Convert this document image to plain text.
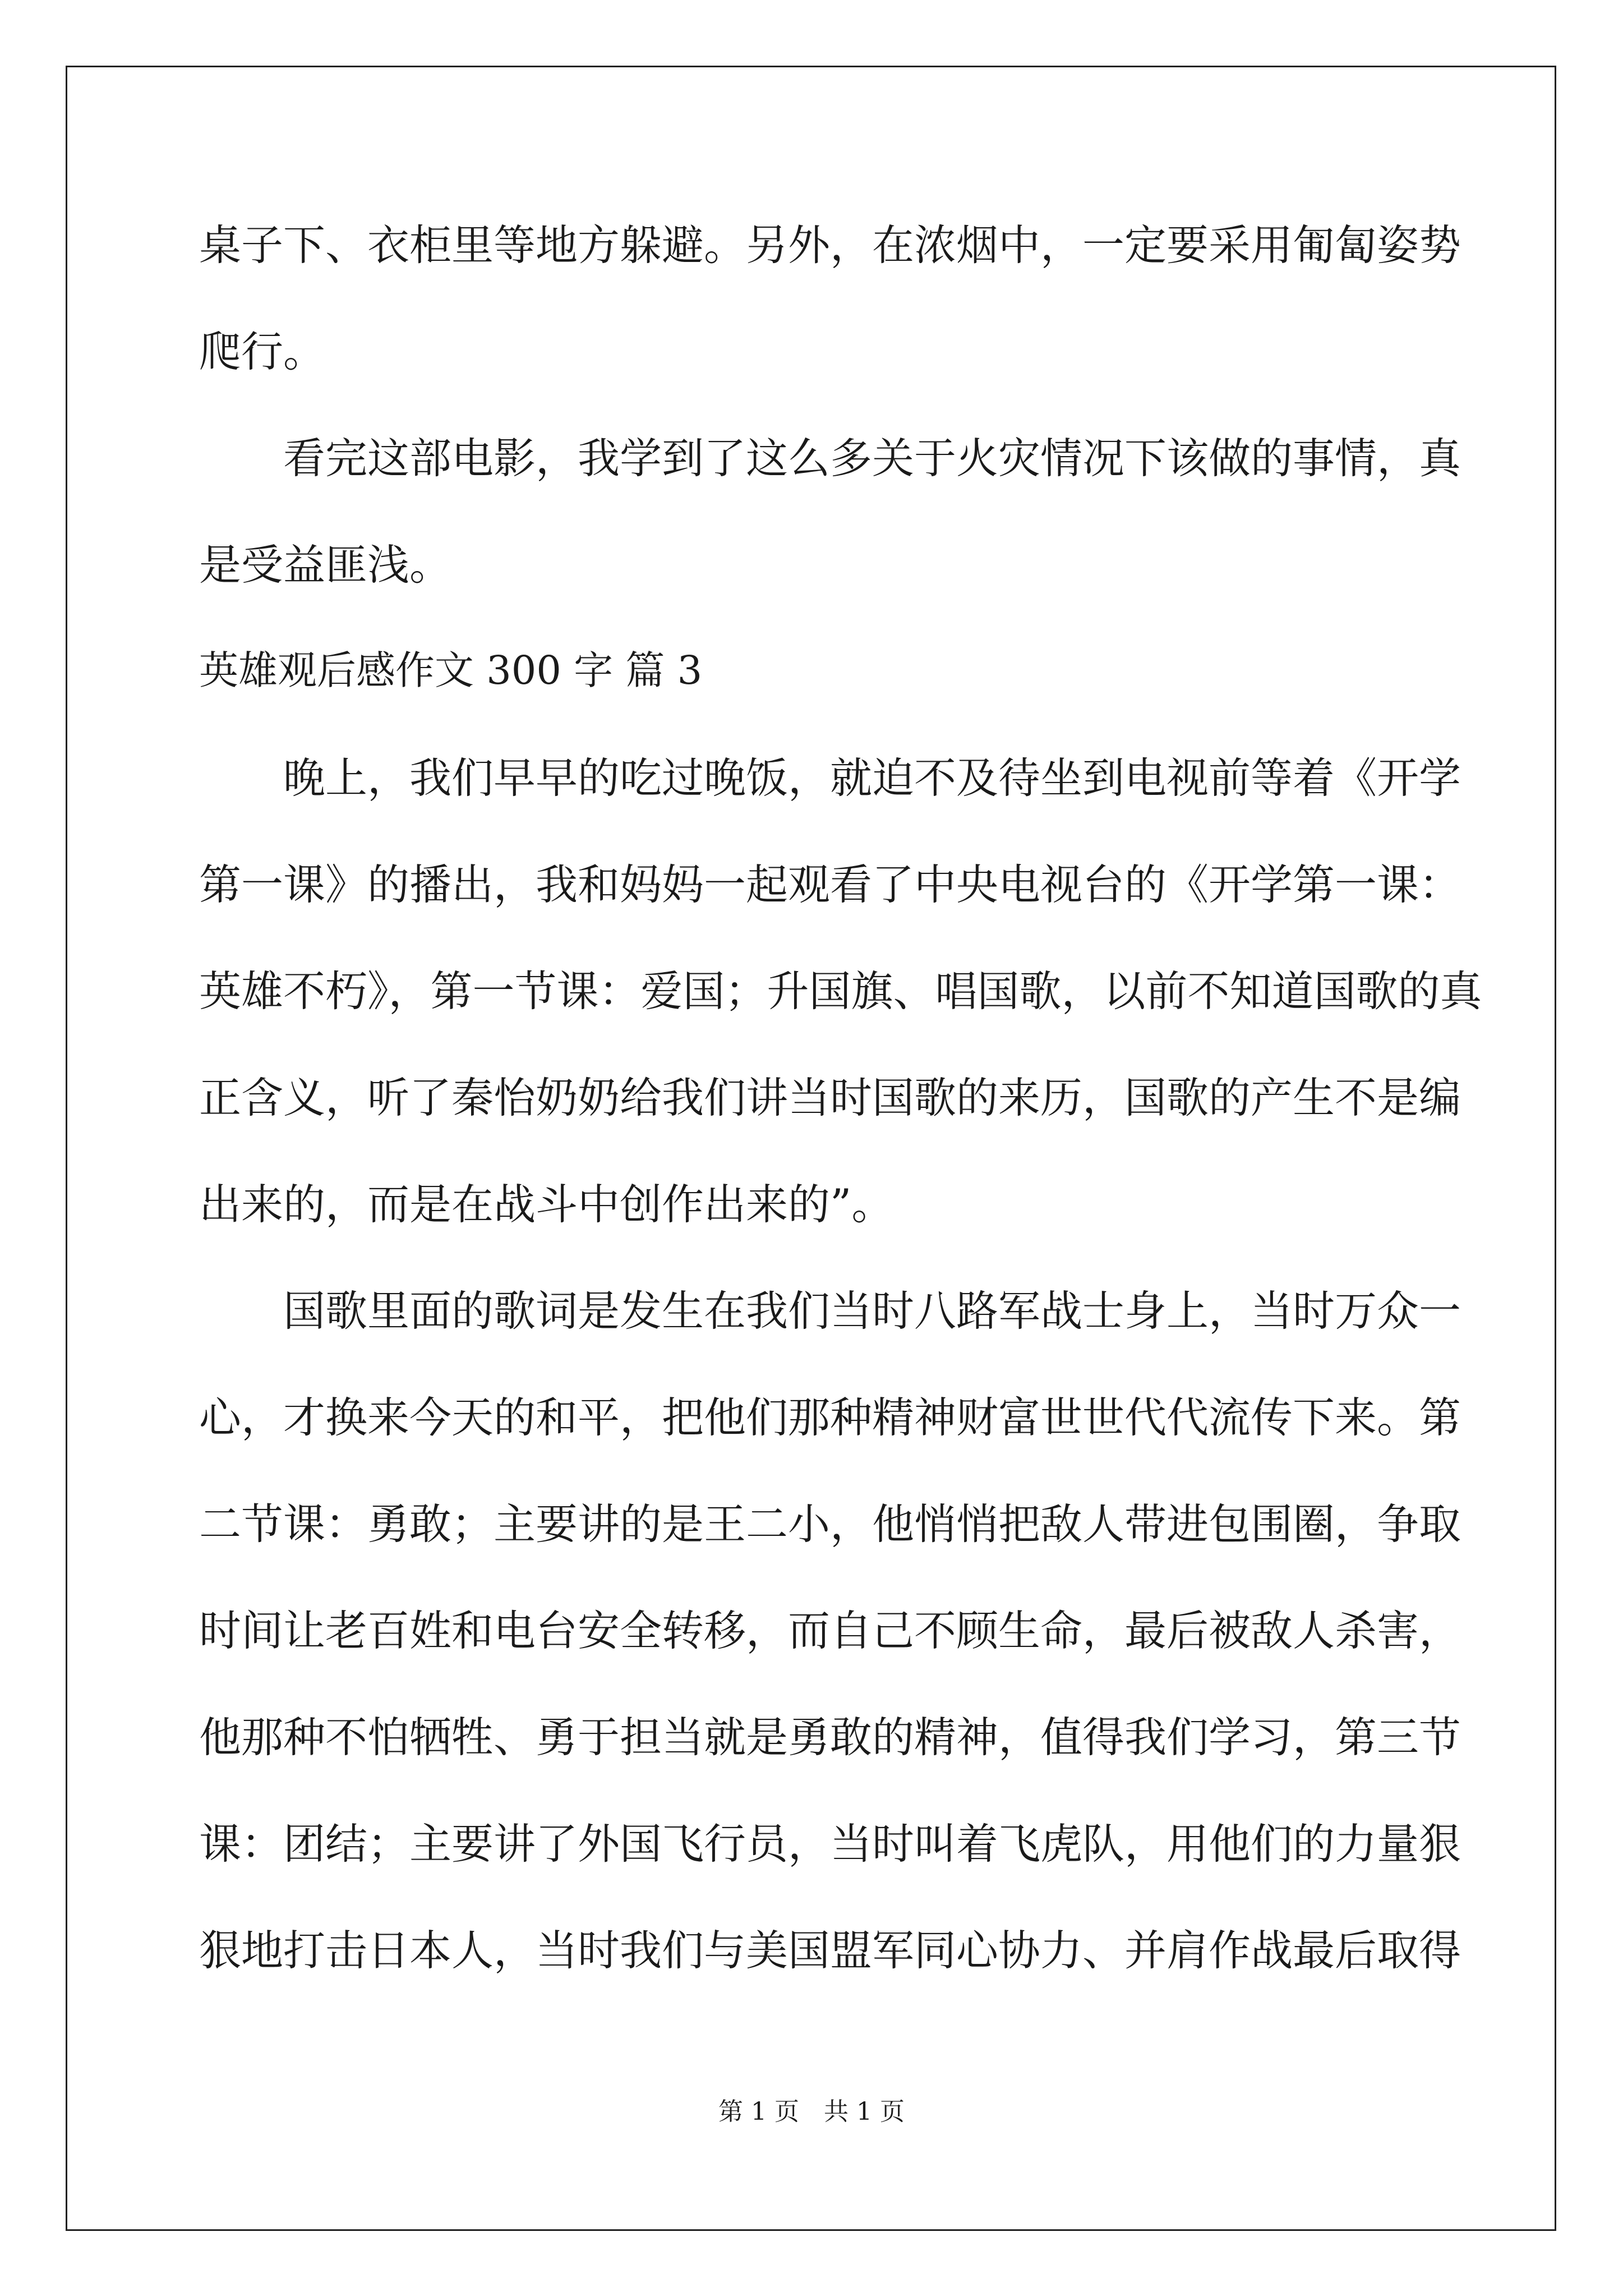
桌子下、衣柜里等地方躲避。另外，在浓烟中，一定要采用匍匐姿势
爬行。
　　看完这部电影，我学到了这么多关于火灾情况下该做的事情，真
是受益匪浅。
英雄观后感作文 300 字 篇 3
　　晚上，我们早早的吃过晚饭，就迫不及待坐到电视前等着《开学
第一课》的播出，我和妈妈一起观看了中央电视台的《开学第一课：
英雄不朽》，第一节课：爱国；升国旗、唱国歌，以前不知道国歌的真
正含义，听了秦怡奶奶给我们讲当时国歌的来历，国歌的产生不是编
出来的，而是在战斗中创作出来的”。
　　国歌里面的歌词是发生在我们当时八路军战士身上，当时万众一
心，才换来今天的和平，把他们那种精神财富世世代代流传下来。第
二节课：勇敢；主要讲的是王二小，他悄悄把敌人带进包围圈，争取
时间让老百姓和电台安全转移，而自己不顾生命，最后被敌人杀害，
他那种不怕牺牲、勇于担当就是勇敢的精神，值得我们学习，第三节
课：团结；主要讲了外国飞行员，当时叫着飞虎队，用他们的力量狠
狠地打击日本人，当时我们与美国盟军同心协力、并肩作战最后取得
第 1 页　共 1 页
